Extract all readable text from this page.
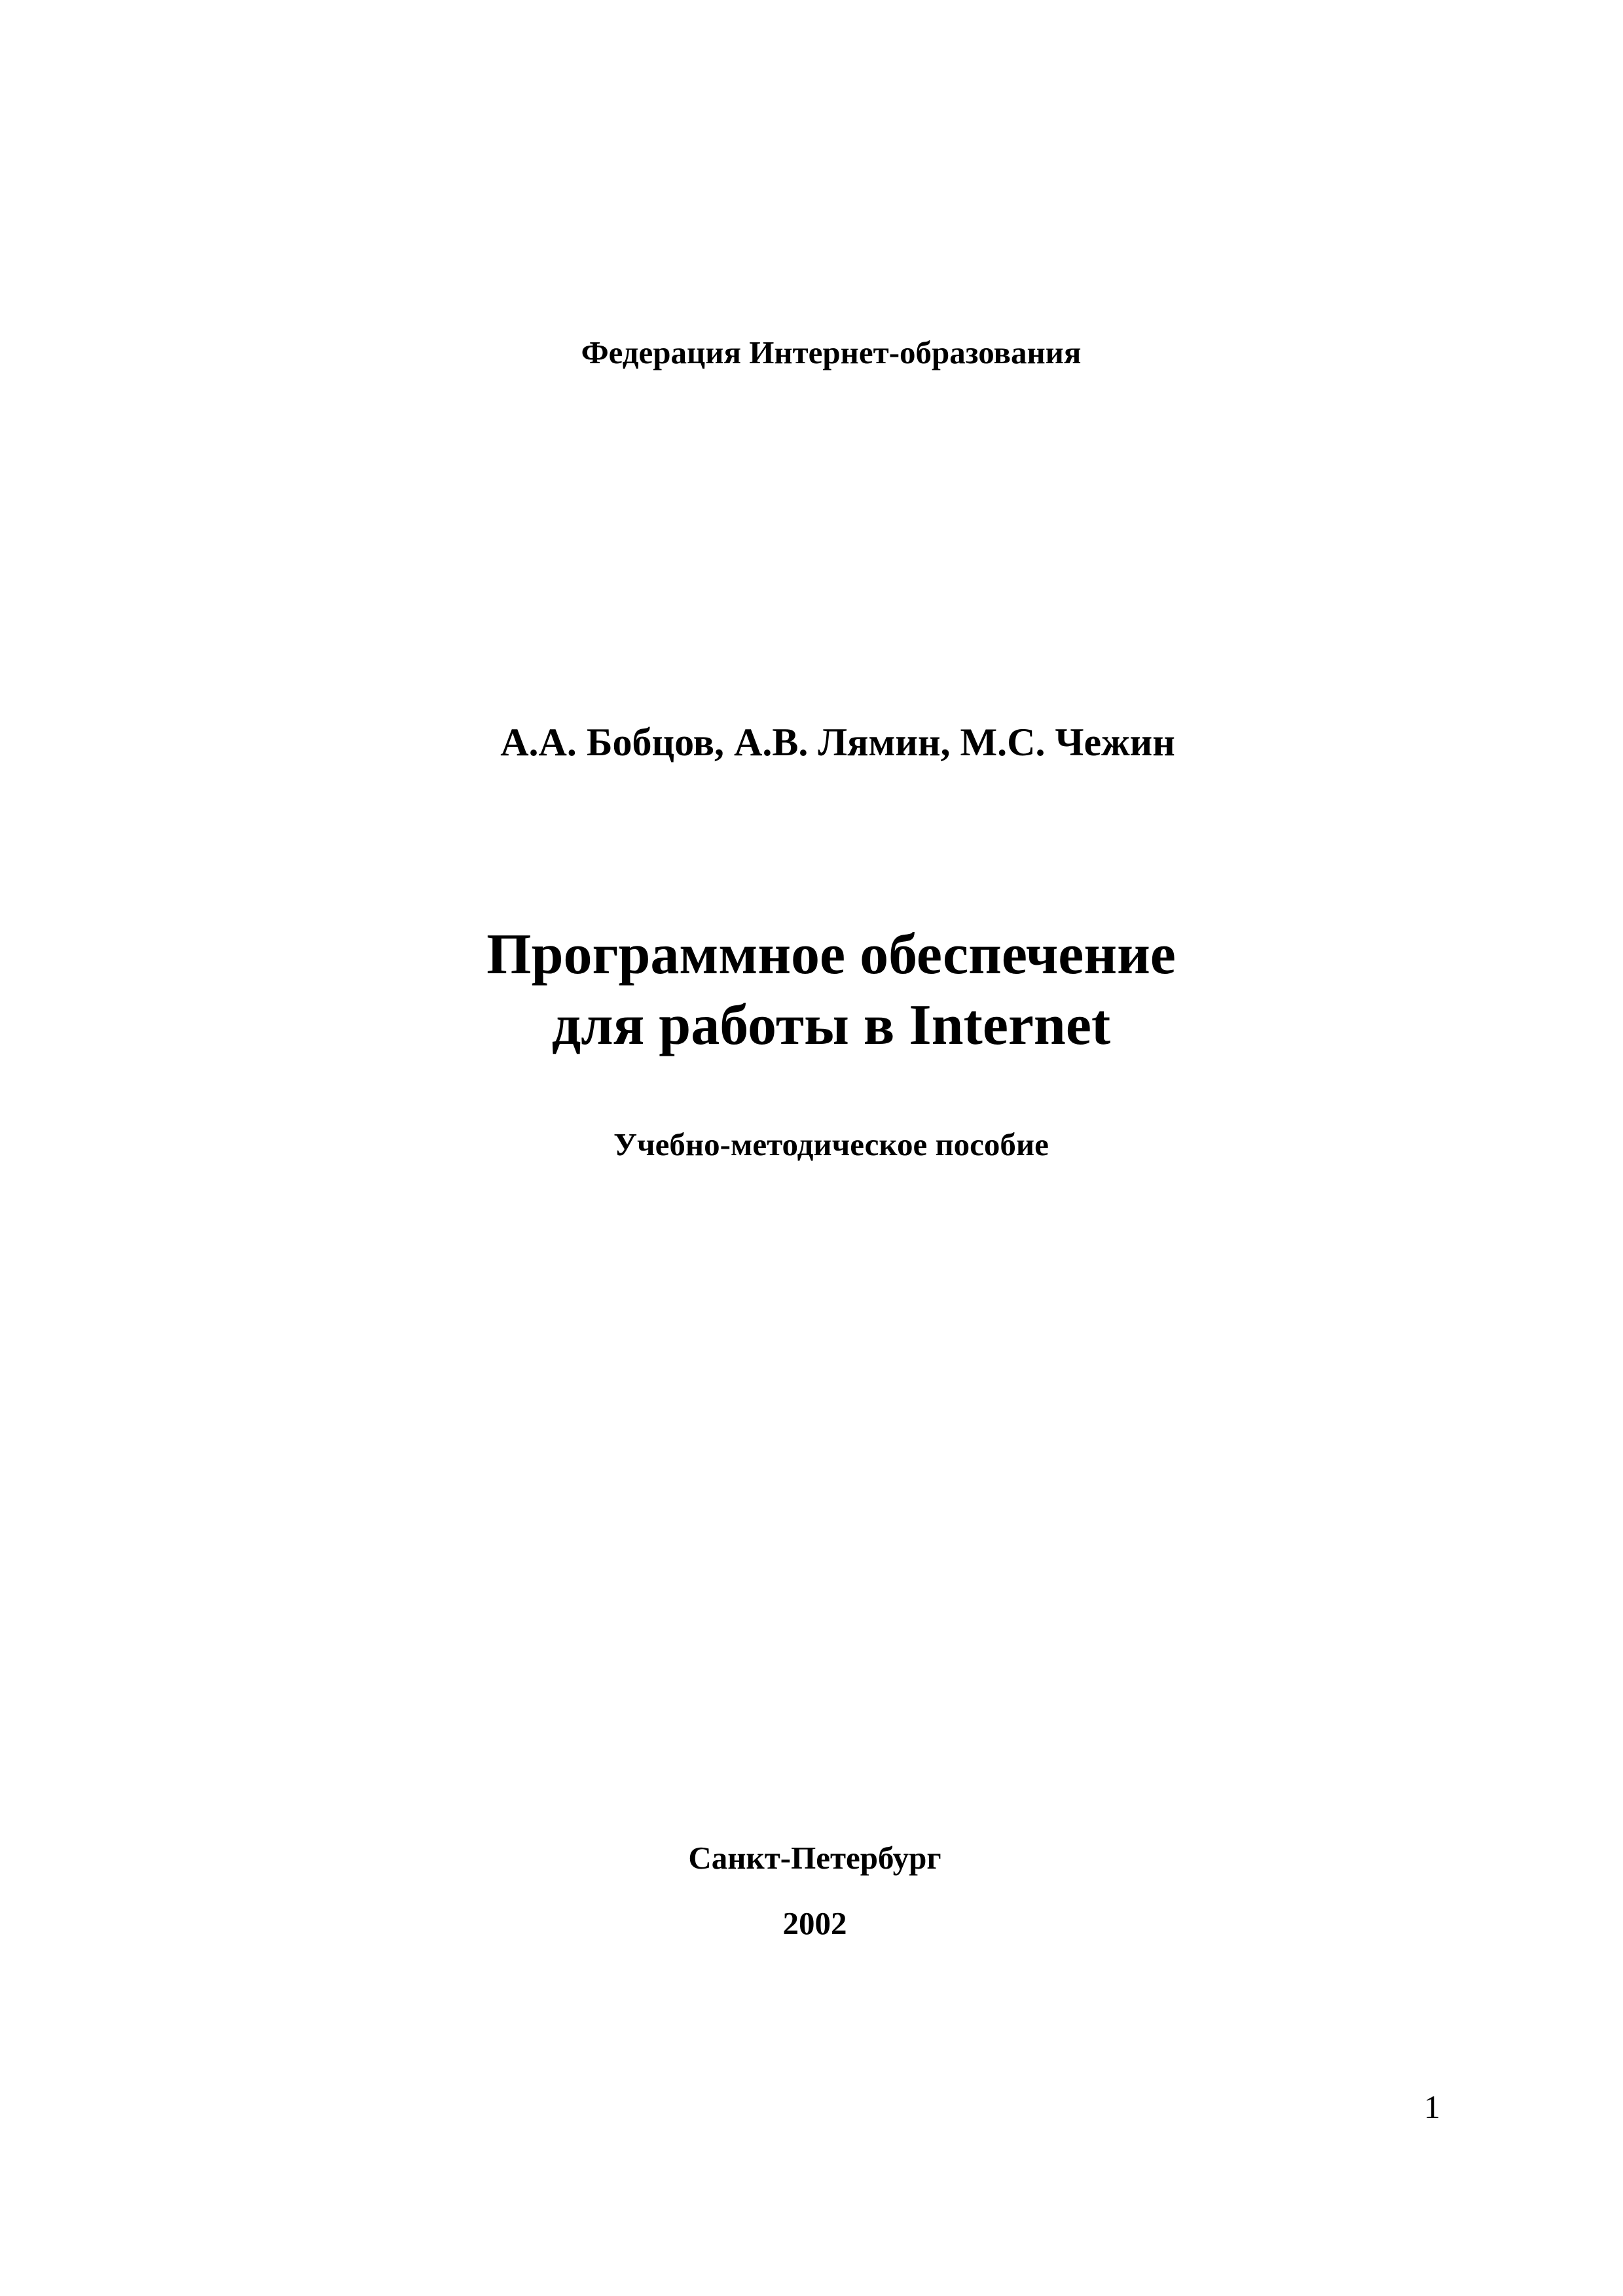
Федерация Интернет-образования
А.А. Бобцов, А.В. Лямин, М.С. Чежин
Программное обеспечение
для работы в Internet
Учебно-методическое пособие
Санкт-Петербург
2002
1
